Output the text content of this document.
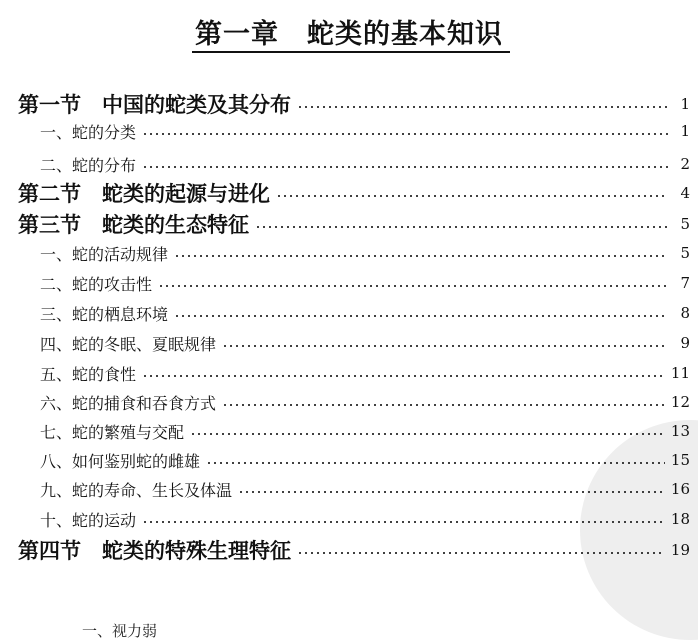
第一章　蛇类的基本知识
第一节　中国的蛇类及其分布	1
一、蛇的分类	1
二、蛇的分布	2
第二节　蛇类的起源与进化	4
第三节　蛇类的生态特征	5
一、蛇的活动规律	5
二、蛇的攻击性	7
三、蛇的栖息环境	8
四、蛇的冬眠、夏眠规律	9
五、蛇的食性	11
六、蛇的捕食和吞食方式	12
七、蛇的繁殖与交配	13
八、如何鉴别蛇的雌雄	15
九、蛇的寿命、生长及体温	16
十、蛇的运动	18
第四节　蛇类的特殊生理特征	19
一、视力弱
